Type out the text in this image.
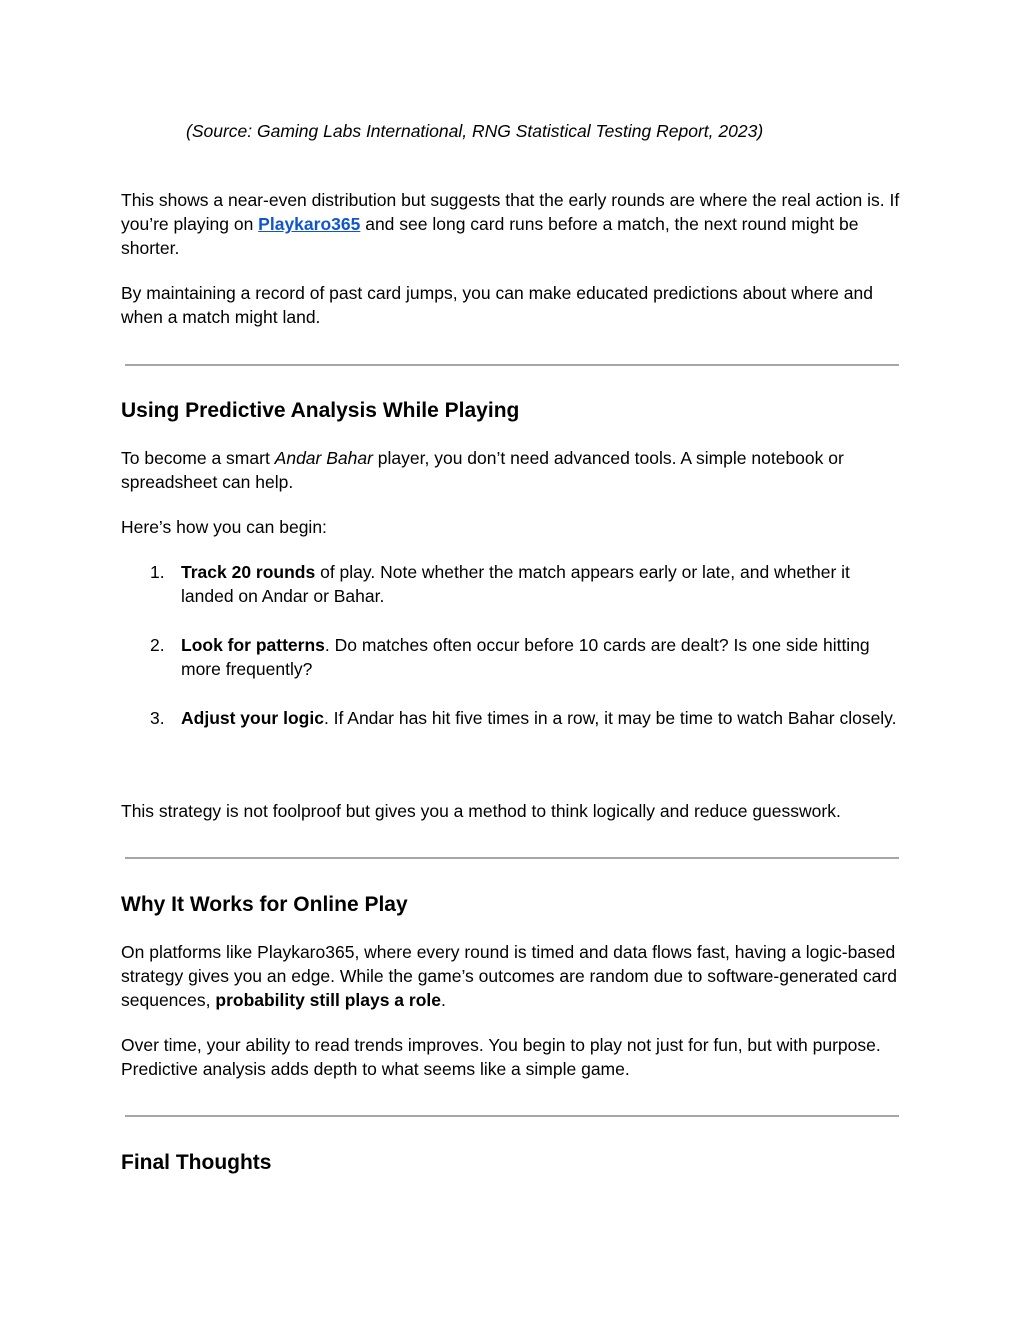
(Source: Gaming Labs International, RNG Statistical Testing Report, 2023)

This shows a near-even distribution but suggests that the early rounds are where the real action is. If you’re playing on Playkaro365 and see long card runs before a match, the next round might be shorter.

By maintaining a record of past card jumps, you can make educated predictions about where and when a match might land.

Using Predictive Analysis While Playing

To become a smart Andar Bahar player, you don’t need advanced tools. A simple notebook or spreadsheet can help.

Here’s how you can begin:

1. Track 20 rounds of play. Note whether the match appears early or late, and whether it landed on Andar or Bahar.
2. Look for patterns. Do matches often occur before 10 cards are dealt? Is one side hitting more frequently?
3. Adjust your logic. If Andar has hit five times in a row, it may be time to watch Bahar closely.

This strategy is not foolproof but gives you a method to think logically and reduce guesswork.

Why It Works for Online Play

On platforms like Playkaro365, where every round is timed and data flows fast, having a logic-based strategy gives you an edge. While the game’s outcomes are random due to software-generated card sequences, probability still plays a role.

Over time, your ability to read trends improves. You begin to play not just for fun, but with purpose. Predictive analysis adds depth to what seems like a simple game.

Final Thoughts
